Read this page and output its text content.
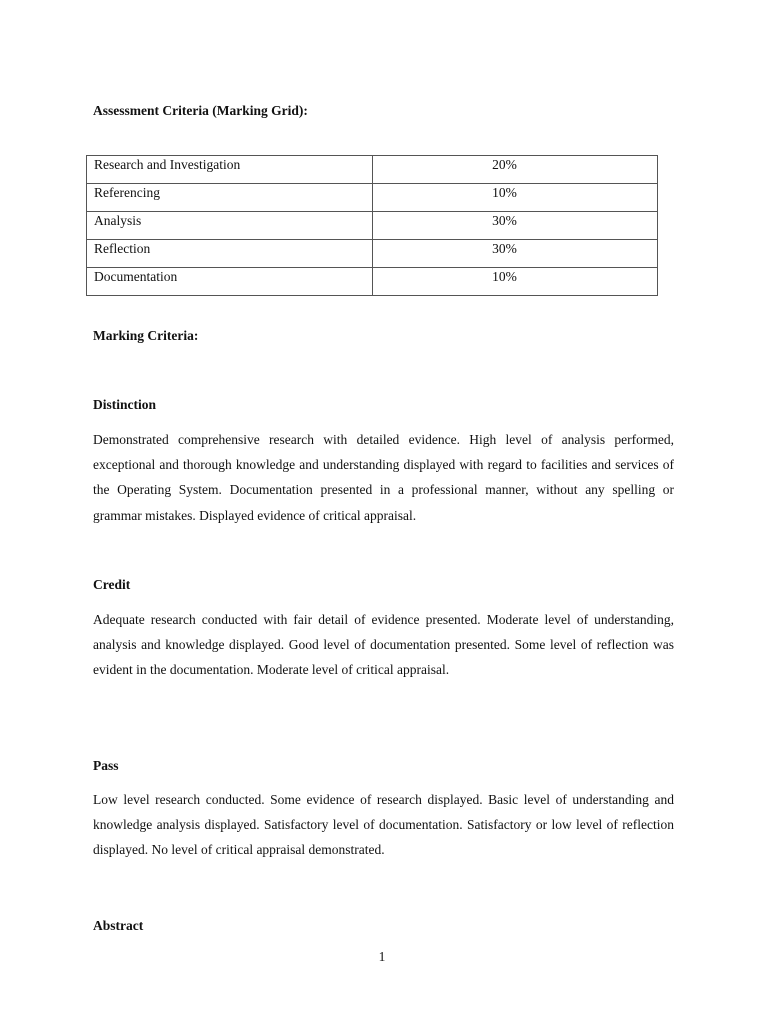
Assessment Criteria (Marking Grid):
Research and Investigation	20%
Referencing	10%
Analysis	30%
Reflection	30%
Documentation	10%
Marking Criteria:
Distinction

Demonstrated comprehensive research with detailed evidence. High level of analysis performed, exceptional and thorough knowledge and understanding displayed with regard to facilities and services of the Operating System. Documentation presented in a professional manner, without any spelling or grammar mistakes. Displayed evidence of critical appraisal.

Credit

Adequate research conducted with fair detail of evidence presented. Moderate level of understanding, analysis and knowledge displayed. Good level of documentation presented. Some level of reflection was evident in the documentation. Moderate level of critical appraisal.

Pass

Low level research conducted. Some evidence of research displayed. Basic level of understanding and knowledge analysis displayed. Satisfactory level of documentation. Satisfactory or low level of reflection displayed. No level of critical appraisal demonstrated.

Abstract
1
